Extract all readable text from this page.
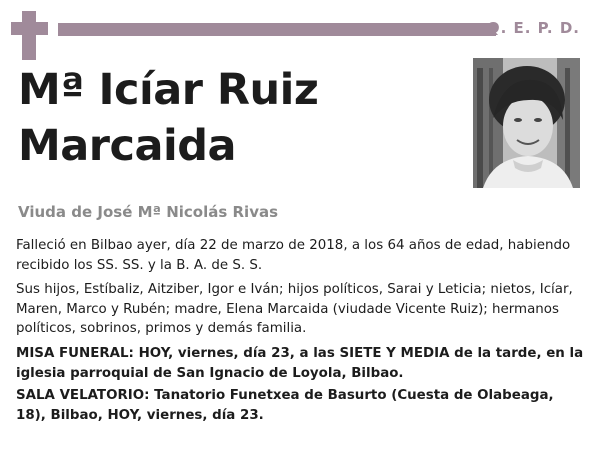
Q. E. P. D.
Mª Icíar Ruiz Marcaida
Viuda de José Mª Nicolás Rivas

Falleció en Bilbao ayer, día 22 de marzo de 2018, a los 64 años de edad, habiendo recibido los SS. SS. y la B. A. de S. S.

Sus hijos, Estíbaliz, Aitziber, Igor e Iván; hijos políticos, Sarai y Leticia; nietos, Icíar, Maren, Marco y Rubén; madre, Elena Marcaida (viudade Vicente Ruiz); hermanos políticos, sobrinos, primos y demás familia.

MISA FUNERAL: HOY, viernes, día 23, a las SIETE Y MEDIA de la tarde, en la iglesia parroquial de San Ignacio de Loyola, Bilbao.

SALA VELATORIO: Tanatorio Funetxea de Basurto (Cuesta de Olabeaga, 18), Bilbao, HOY, viernes, día 23.
